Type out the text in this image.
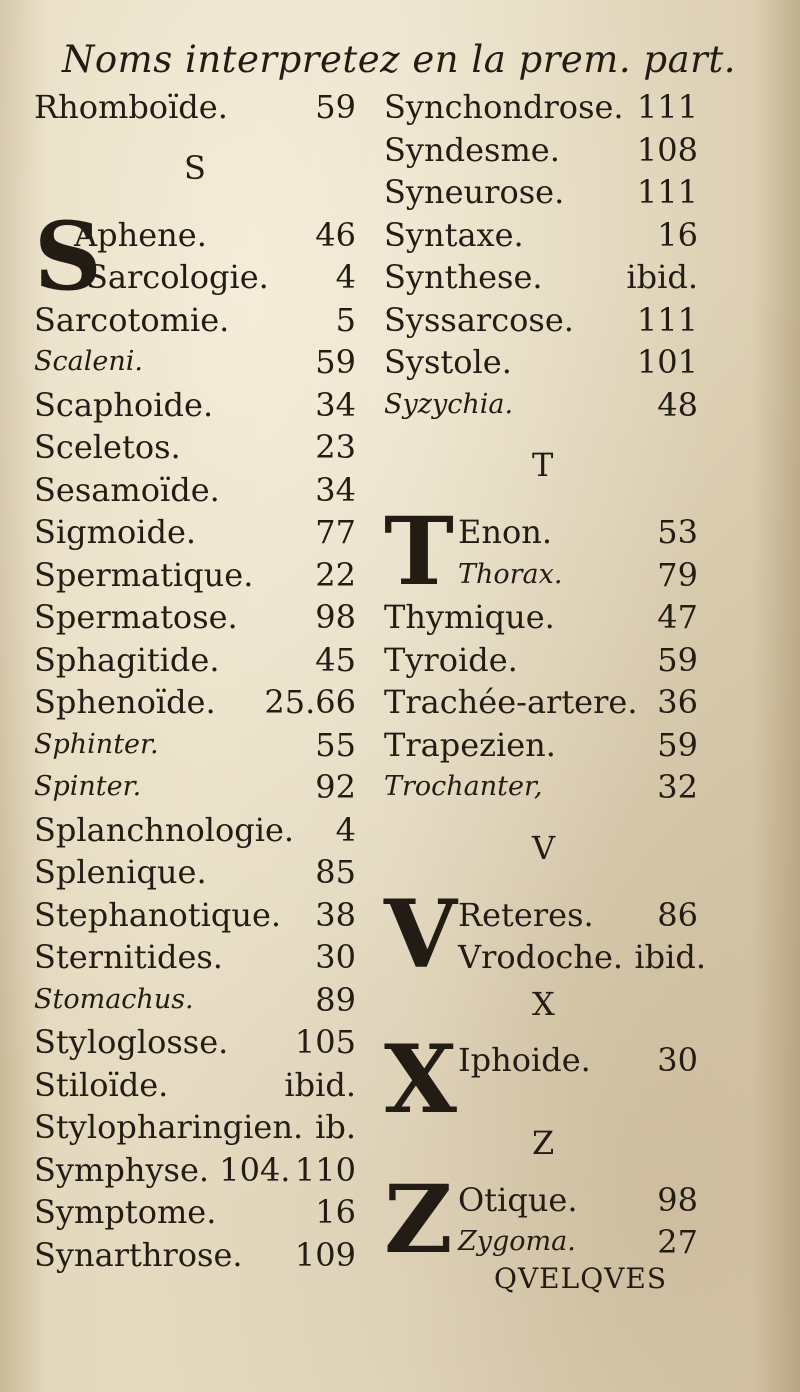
Noms interpretez en la prem. part.
Rhomboïde.	59
S
S
Aphene.	46
Sarcologie. 4
Sarcotomie.	5
Scaleni.	59
Scaphoide.	34
Sceletos.	23
Sesamoïde.	34
Sigmoide.	77
Spermatique. 22
Spermatose. 98
Sphagitide.	45
Sphenoïde. 25.66
Sphinter.	55
Spinter.	92
Splanchnologie. 4
Splenique.	85
Stephanotique. 38
Sternitides.	30
Stomachus.	89
Styloglosse. 105
Stiloïde.	ibid.
Stylopharingien. ib.
Symphyse. 104. 110
Symptome.	16
Synarthrose. 109
Synchondrose. 111
Syndesme. 108
Syneurose. 111
Syntaxe.	16
Synthese.	ibid.
Syssarcose. 111
Systole.	101
Syzychia.	48
T
T Enon.	53
Thorax.	79
Thymique.	47
Tyroide.	59
Trachée-artere. 36
Trapezien.	59
Trochanter,	32
V
V Reteres. 86
Vrodoche. ibid.
X
X Iphoide. 30
Z
Z Otique. 98
Zygoma.	27
QVELQVES
